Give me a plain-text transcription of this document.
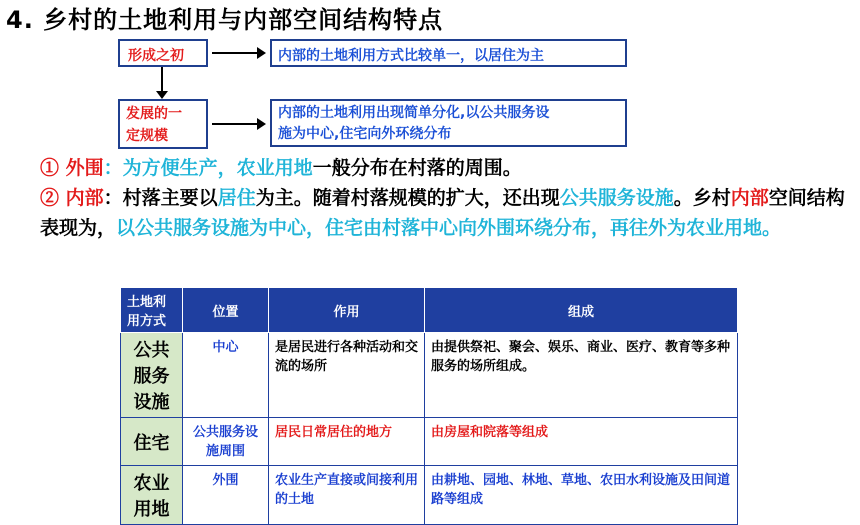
4. 乡村的土地利用与内部空间结构特点
形成之初	内部的土地利用方式比较单一，以居住为主
发展的一
定规模
内部的土地利用出现简单分化,以公共服务设
施为中心,住宅向外环绕分布
① 外围：为方便生产，农业用地一般分布在村落的周围。
② 内部：村落主要以居住为主。随着村落规模的扩大，还出现公共服务设施。乡村内部空间结构表现为，以公共服务设施为中心，住宅由村落中心向外围环绕分布，再往外为农业用地。
土地利用方式	位置	作用	组成
公共服务设施	中心	是居民进行各种活动和交流的场所	由提供祭祀、聚会、娱乐、商业、医疗、教育等多种服务的场所组成。
住宅	公共服务设施周围	居民日常居住的地方	由房屋和院落等组成
农业用地	外围	农业生产直接或间接利用的土地	由耕地、园地、林地、草地、农田水利设施及田间道路等组成
